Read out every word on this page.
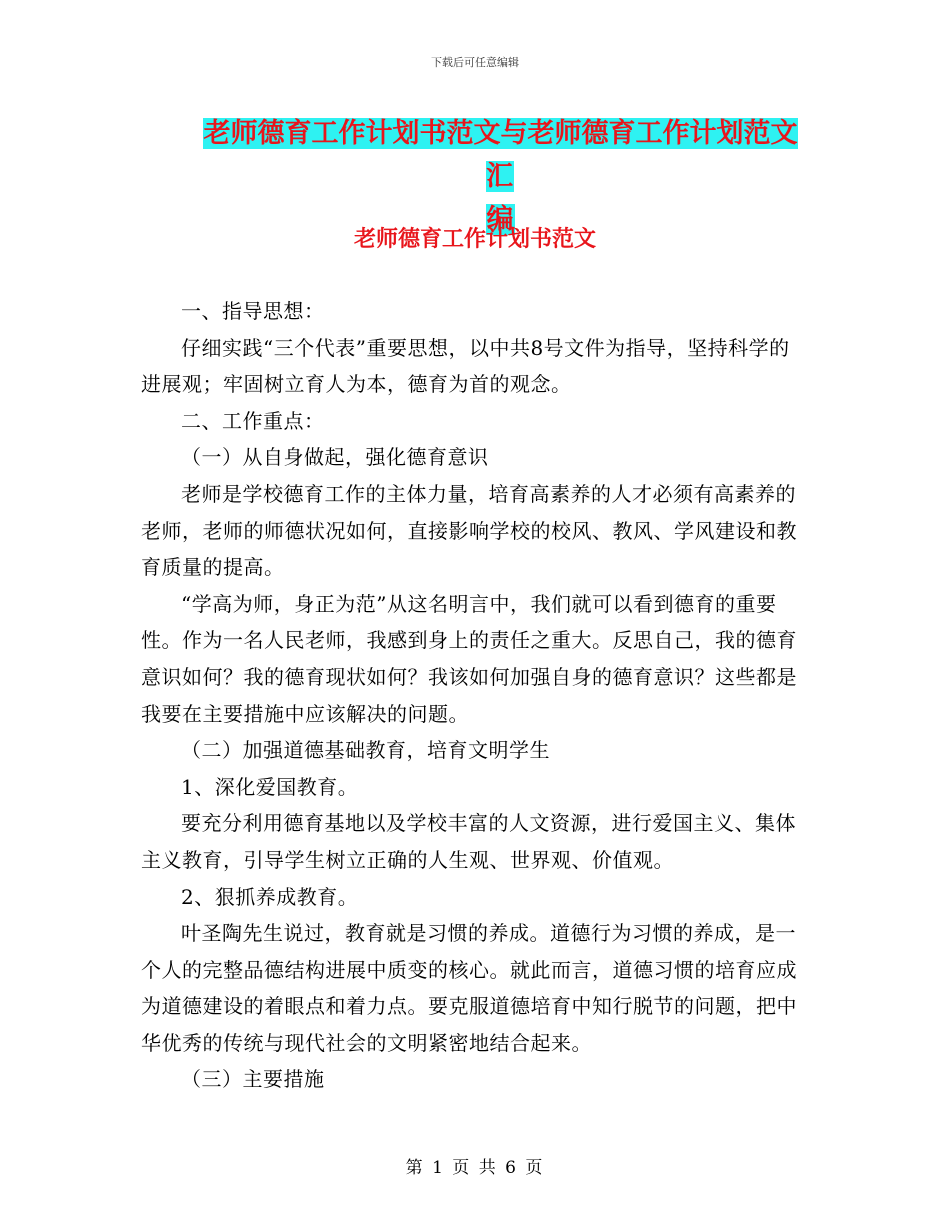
下载后可任意编辑
老师德育工作计划书范文与老师德育工作计划范文汇
编
老师德育工作计划书范文

一、指导思想：

仔细实践“三个代表”重要思想，以中共8号文件为指导，坚持科学的进展观；牢固树立育人为本，德育为首的观念。

二、工作重点：

（一）从自身做起，强化德育意识

老师是学校德育工作的主体力量，培育高素养的人才必须有高素养的老师，老师的师德状况如何，直接影响学校的校风、教风、学风建设和教育质量的提高。

“学高为师，身正为范”从这名明言中，我们就可以看到德育的重要性。作为一名人民老师，我感到身上的责任之重大。反思自己，我的德育意识如何？我的德育现状如何？我该如何加强自身的德育意识？这些都是我要在主要措施中应该解决的问题。

（二）加强道德基础教育，培育文明学生

1、深化爱国教育。

要充分利用德育基地以及学校丰富的人文资源，进行爱国主义、集体主义教育，引导学生树立正确的人生观、世界观、价值观。

2、狠抓养成教育。

叶圣陶先生说过，教育就是习惯的养成。道德行为习惯的养成，是一个人的完整品德结构进展中质变的核心。就此而言，道德习惯的培育应成为道德建设的着眼点和着力点。要克服道德培育中知行脱节的问题，把中华优秀的传统与现代社会的文明紧密地结合起来。

（三）主要措施

第 1 页 共 6 页
